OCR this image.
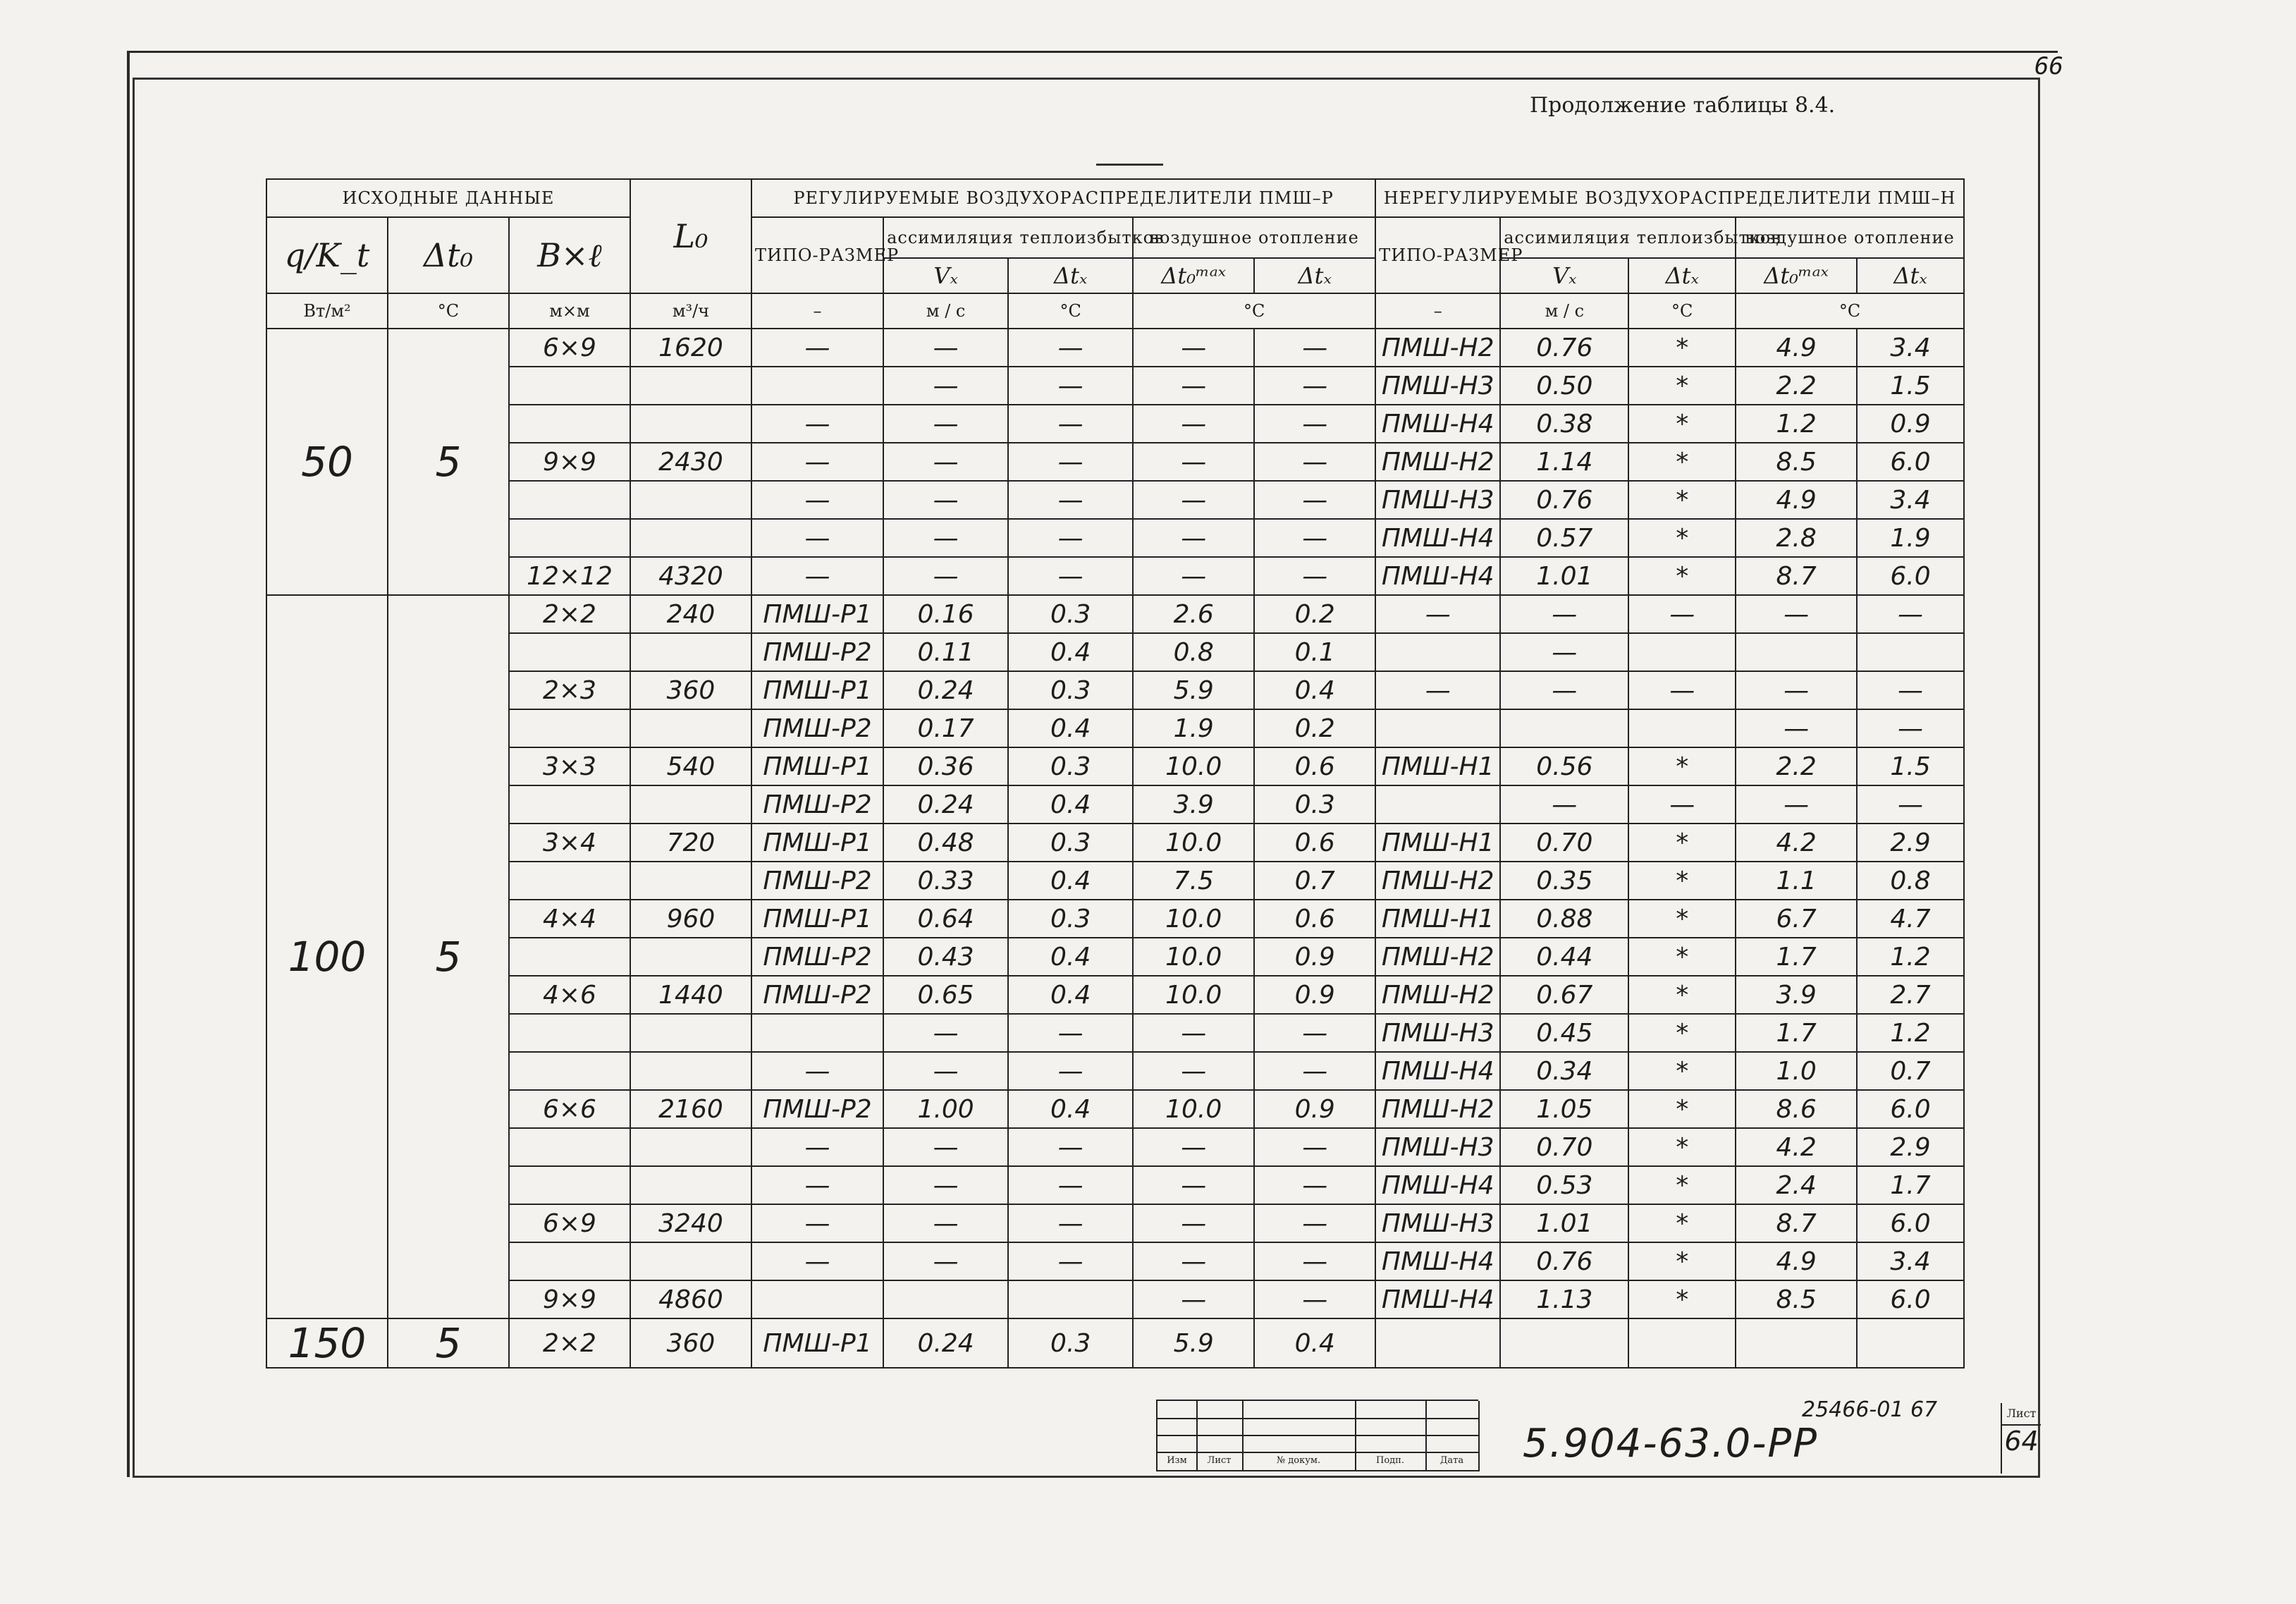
66
Продолжение таблицы 8.4.
ИСХОДНЫЕ ДАННЫЕ			L₀	РЕГУЛИРУЕМЫЕ ВОЗДУХОРАСПРЕДЕЛИТЕЛИ ПМШ–Р					НЕРЕГУЛИРУЕМЫЕ ВОЗДУХОРАСПРЕДЕЛИТЕЛИ ПМШ–Н				
q/K_t	Δt₀	B×ℓ		ТИПО-РАЗМЕР	ассимиляция теплоизбытков		воздушное отопление		ТИПО-РАЗМЕР	ассимиляция теплоизбытков		воздушное отопление	
					Vₓ	Δtₓ	Δt₀ᵐᵃˣ	Δtₓ		Vₓ	Δtₓ	Δt₀ᵐᵃˣ	Δtₓ
Вт/м²	°С	м×м	м³/ч	–	м / с	°С	°С		–	м / с	°С	°С	
50	5	6×9	1620	—	—	—	—	—	ПМШ-Н2	0.76	*	4.9	3.4
					—	—	—	—	ПМШ-Н3	0.50	*	2.2	1.5
				—	—	—	—	—	ПМШ-Н4	0.38	*	1.2	0.9
		9×9	2430	—	—	—	—	—	ПМШ-Н2	1.14	*	8.5	6.0
				—	—	—	—	—	ПМШ-Н3	0.76	*	4.9	3.4
				—	—	—	—	—	ПМШ-Н4	0.57	*	2.8	1.9
		12×12	4320	—	—	—	—	—	ПМШ-Н4	1.01	*	8.7	6.0
100	5	2×2	240	ПМШ-Р1	0.16	0.3	2.6	0.2	—	—	—	—	—
				ПМШ-Р2	0.11	0.4	0.8	0.1		—			
		2×3	360	ПМШ-Р1	0.24	0.3	5.9	0.4	—	—	—	—	—
				ПМШ-Р2	0.17	0.4	1.9	0.2				—	—
		3×3	540	ПМШ-Р1	0.36	0.3	10.0	0.6	ПМШ-Н1	0.56	*	2.2	1.5
				ПМШ-Р2	0.24	0.4	3.9	0.3		—	—	—	—
		3×4	720	ПМШ-Р1	0.48	0.3	10.0	0.6	ПМШ-Н1	0.70	*	4.2	2.9
				ПМШ-Р2	0.33	0.4	7.5	0.7	ПМШ-Н2	0.35	*	1.1	0.8
		4×4	960	ПМШ-Р1	0.64	0.3	10.0	0.6	ПМШ-Н1	0.88	*	6.7	4.7
				ПМШ-Р2	0.43	0.4	10.0	0.9	ПМШ-Н2	0.44	*	1.7	1.2
		4×6	1440	ПМШ-Р2	0.65	0.4	10.0	0.9	ПМШ-Н2	0.67	*	3.9	2.7
					—	—	—	—	ПМШ-Н3	0.45	*	1.7	1.2
				—	—	—	—	—	ПМШ-Н4	0.34	*	1.0	0.7
		6×6	2160	ПМШ-Р2	1.00	0.4	10.0	0.9	ПМШ-Н2	1.05	*	8.6	6.0
				—	—	—	—	—	ПМШ-Н3	0.70	*	4.2	2.9
				—	—	—	—	—	ПМШ-Н4	0.53	*	2.4	1.7
		6×9	3240	—	—	—	—	—	ПМШ-Н3	1.01	*	8.7	6.0
				—	—	—	—	—	ПМШ-Н4	0.76	*	4.9	3.4
		9×9	4860				—	—	ПМШ-Н4	1.13	*	8.5	6.0
150	5	2×2	360	ПМШ-Р1	0.24	0.3	5.9	0.4					
Изм	Лист	№ докум.	Подп.	Дата
25466-01 67
5.904-63.0-РР
Лист
64
